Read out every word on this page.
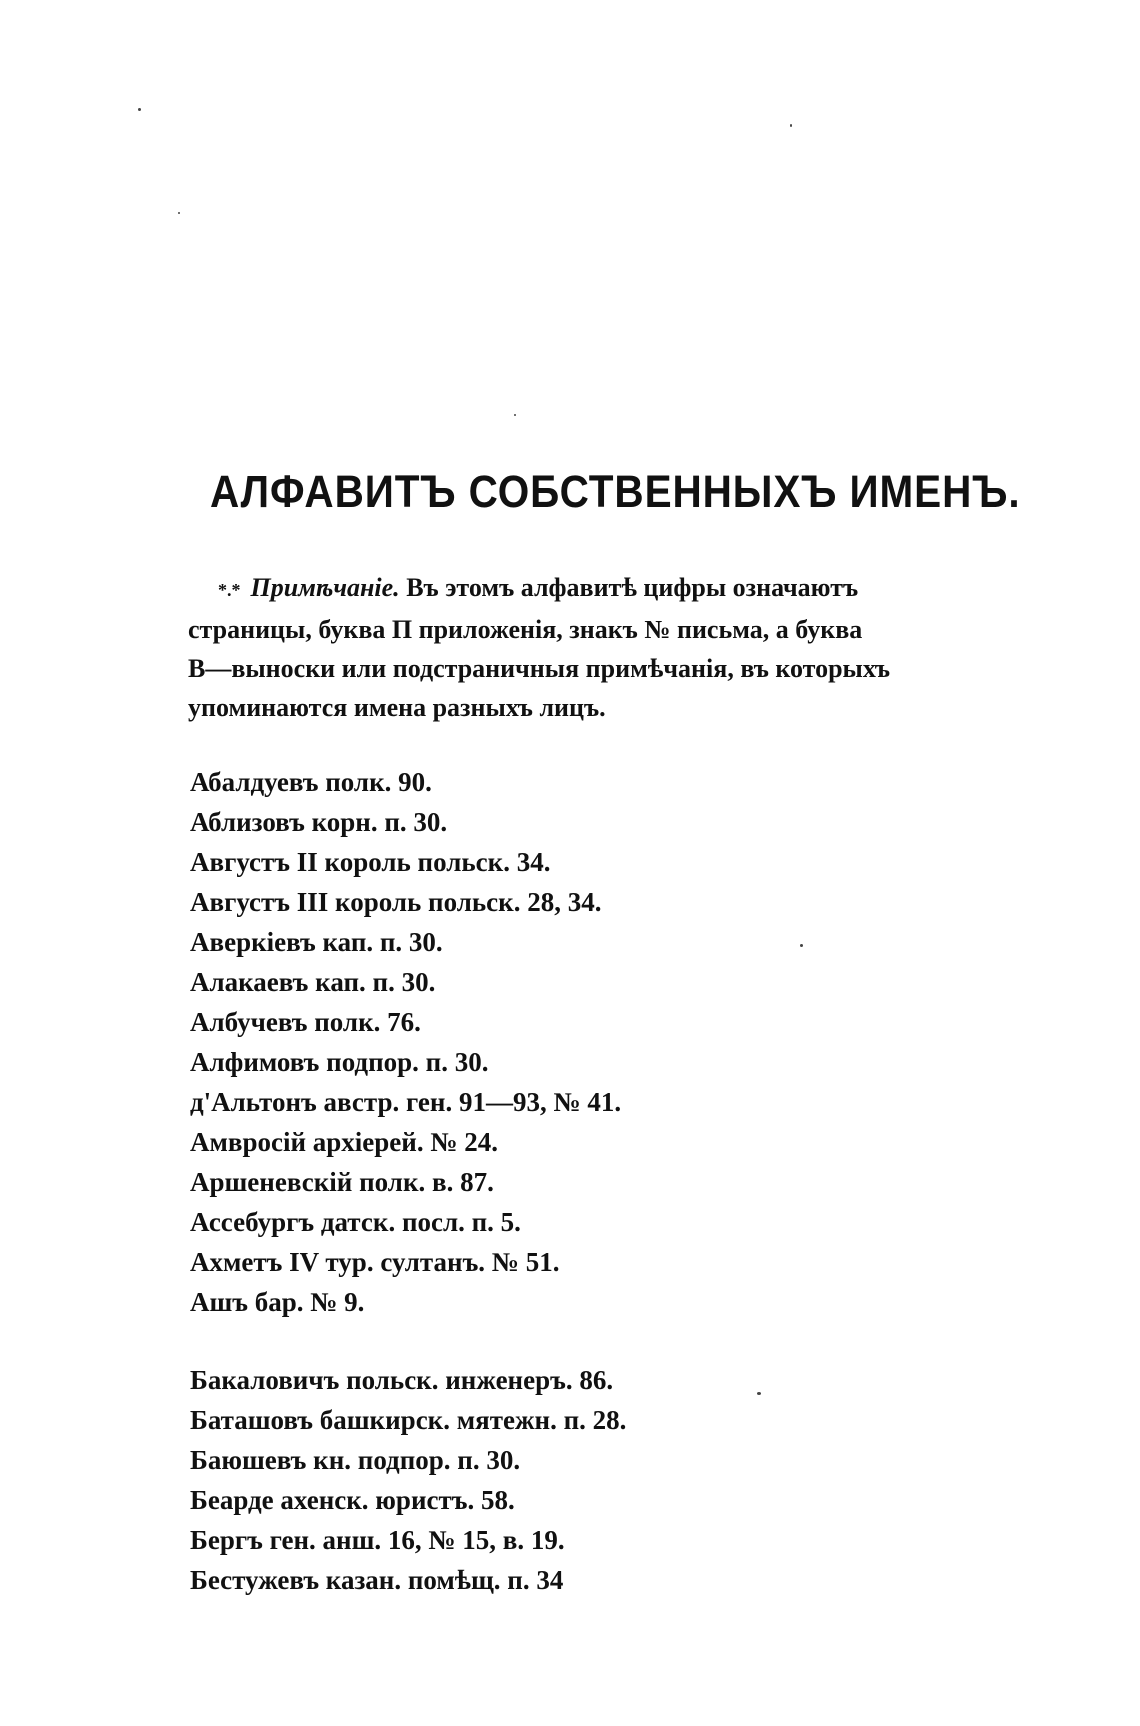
АЛФАВИТЪ СОБСТВЕННЫХЪ ИМЕНЪ.
*.* Примѣчаніе. Въ этомъ алфавитѣ цифры означаютъ
страницы, буква П приложенія, знакъ № письма, а буква
В—выноски или подстраничныя примѣчанія, въ которыхъ
упоминаются имена разныхъ лицъ.
Абалдуевъ полк. 90.
Аблизовъ корн. п. 30.
Августъ II король польск. 34.
Августъ III король польск. 28, 34.
Аверкіевъ кап. п. 30.
Алакаевъ кап. п. 30.
Албучевъ полк. 76.
Алфимовъ подпор. п. 30.
д'Альтонъ австр. ген. 91—93, № 41.
Амвросій архіерей. № 24.
Аршеневскій полк. в. 87.
Ассебургъ датск. посл. п. 5.
Ахметъ IV тур. султанъ. № 51.
Ашъ бар. № 9.
Бакаловичъ польск. инженеръ. 86.
Баташовъ башкирск. мятежн. п. 28.
Баюшевъ кн. подпор. п. 30.
Беарде ахенск. юристъ. 58.
Бергъ ген. анш. 16, № 15, в. 19.
Бестужевъ казан. помѣщ. п. 34
